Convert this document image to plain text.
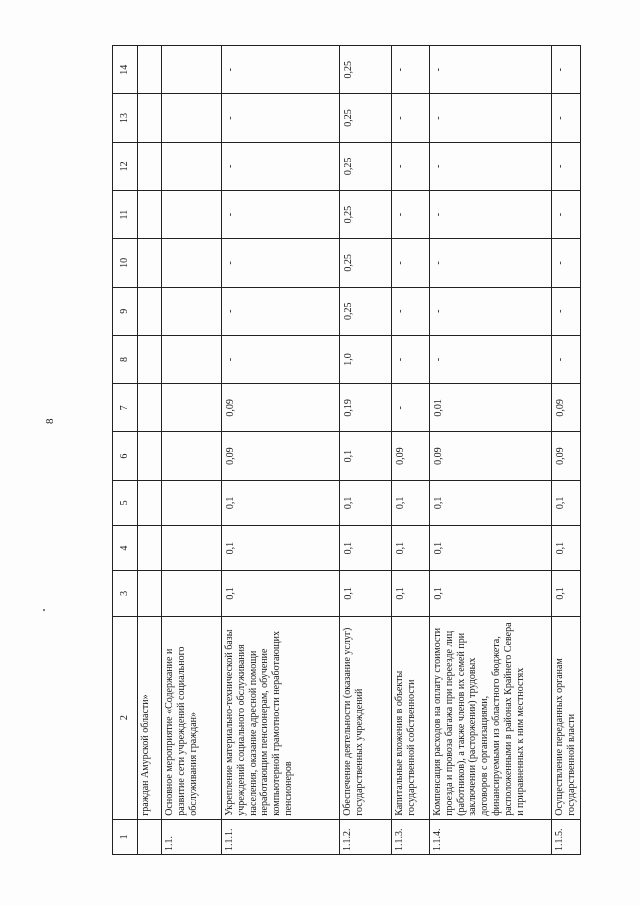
8
1	2	3	4	5	6	7	8	9	10	11	12	13	14
	граждан Амурской области»												
1.1.	Основное мероприятие «Содержание и развитие сети учреждений социального обслуживания граждан»												
1.1.1.	Укрепление материально-технической базы учреждений социального обслуживания населения, оказание адресной помощи неработающим пенсионерам, обучение компьютерной грамотности неработающих пенсионеров	0,1	0,1	0,1	0,09	0,09	-	-	-	-	-	-	-
1.1.2.	Обеспечение деятельности (оказание услуг) государственных учреждений	0,1	0,1	0,1	0,1	0,19	1,0	0,25	0,25	0,25	0,25	0,25	0,25
1.1.3.	Капитальные вложения в объекты государственной собственности	0,1	0,1	0,1	0,09	-	-	-	-	-	-	-	-
1.1.4.	Компенсация расходов на оплату стоимости проезда и провоза багажа при переезде лиц (работников), а также членов их семей при заключении (расторжении) трудовых договоров с организациями, финансируемыми из областного бюджета, расположенными в районах Крайнего Севера и приравненных к ним местностях	0,1	0,1	0,1	0,09	0,01	-	-	-	-	-	-	-
1.1.5.	Осуществление переданных органам государственной власти	0,1	0,1	0,1	0,09	0,09	-	-	-	-	-	-	-
